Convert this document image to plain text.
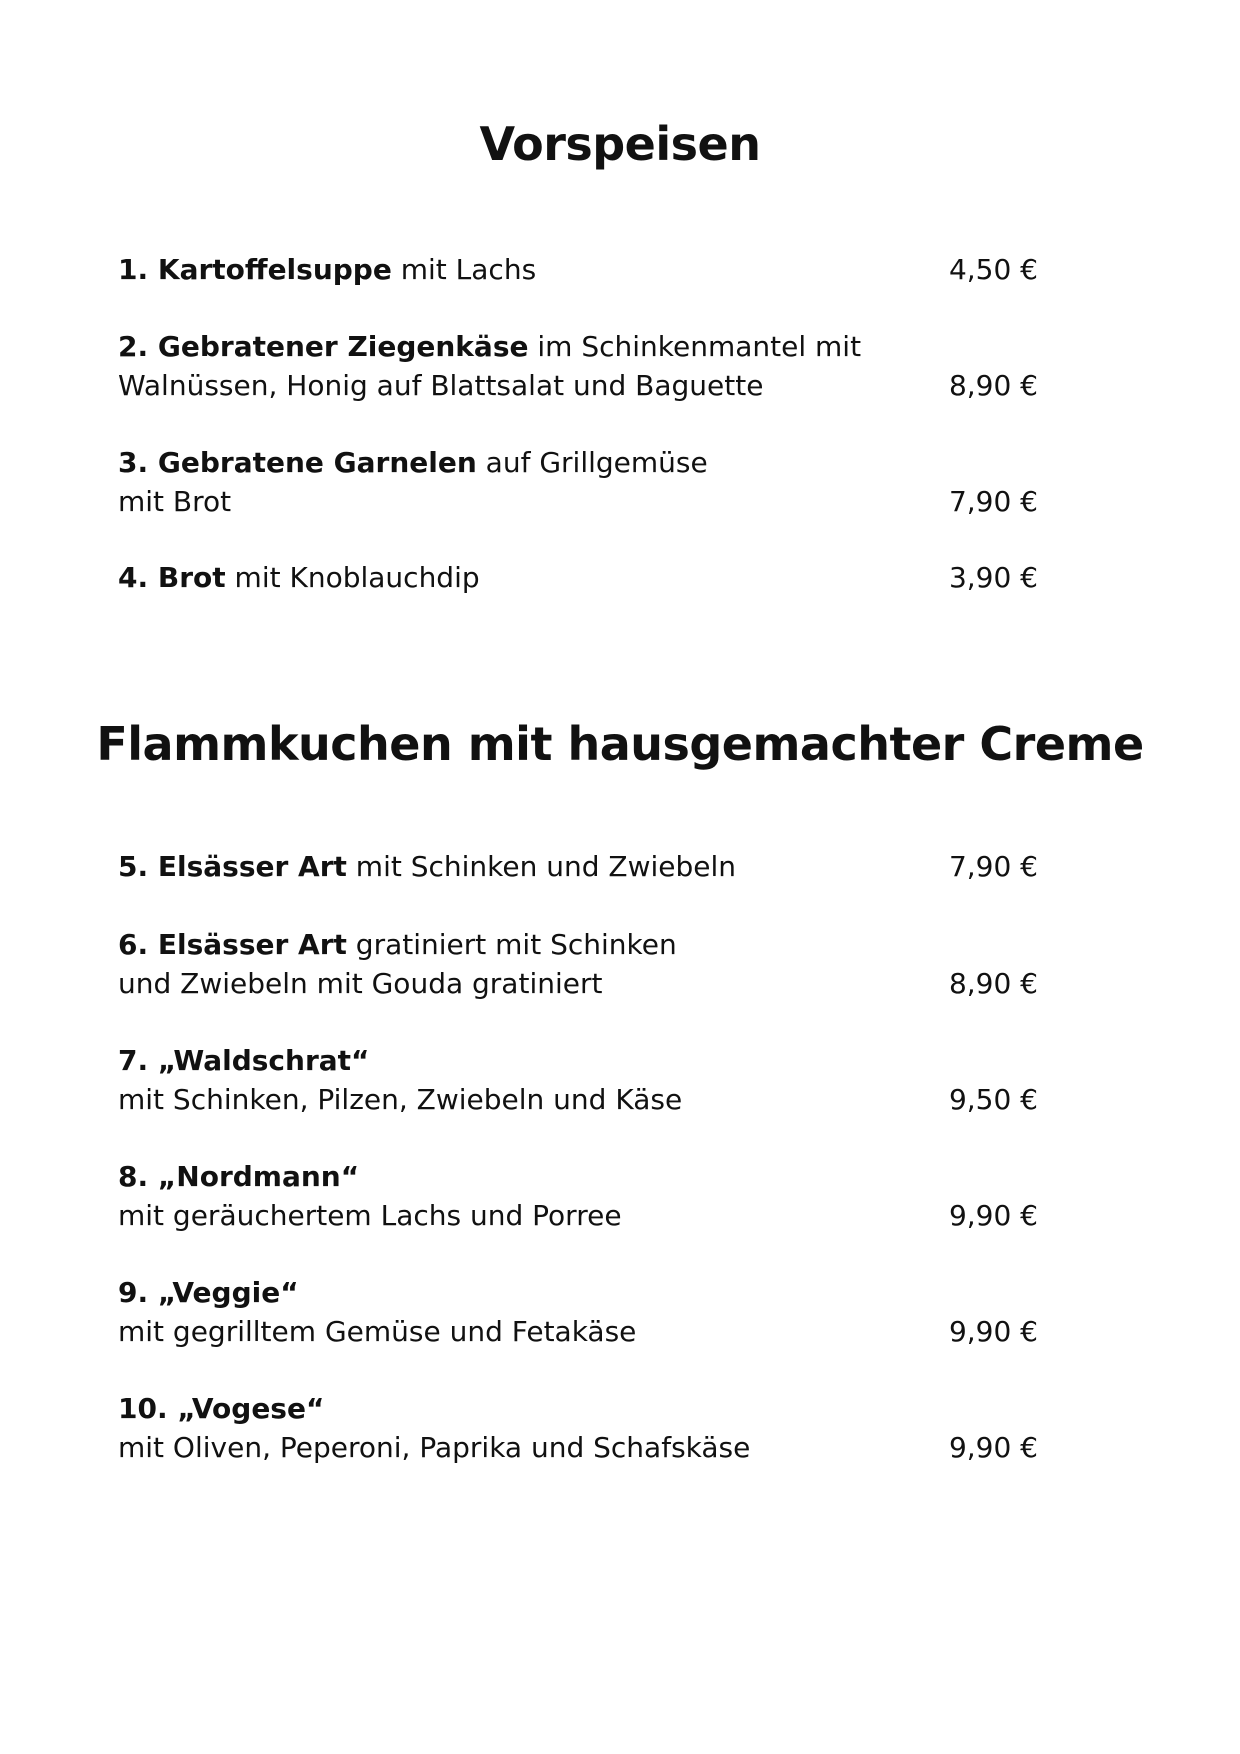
Vorspeisen
1. Kartoffelsuppe mit Lachs	4,50 €
2. Gebratener Ziegenkäse im Schinkenmantel mit
Walnüssen, Honig auf Blattsalat und Baguette	8,90 €
3. Gebratene Garnelen auf Grillgemüse
mit Brot	7,90 €
4. Brot mit Knoblauchdip	3,90 €
Flammkuchen mit hausgemachter Creme
5. Elsässer Art mit Schinken und Zwiebeln	7,90 €
6. Elsässer Art gratiniert mit Schinken
und Zwiebeln mit Gouda gratiniert	8,90 €
7. „Waldschrat“
mit Schinken, Pilzen, Zwiebeln und Käse	9,50 €
8. „Nordmann“
mit geräuchertem Lachs und Porree	9,90 €
9. „Veggie“
mit gegrilltem Gemüse und Fetakäse	9,90 €
10. „Vogese“
mit Oliven, Peperoni, Paprika und Schafskäse	9,90 €
